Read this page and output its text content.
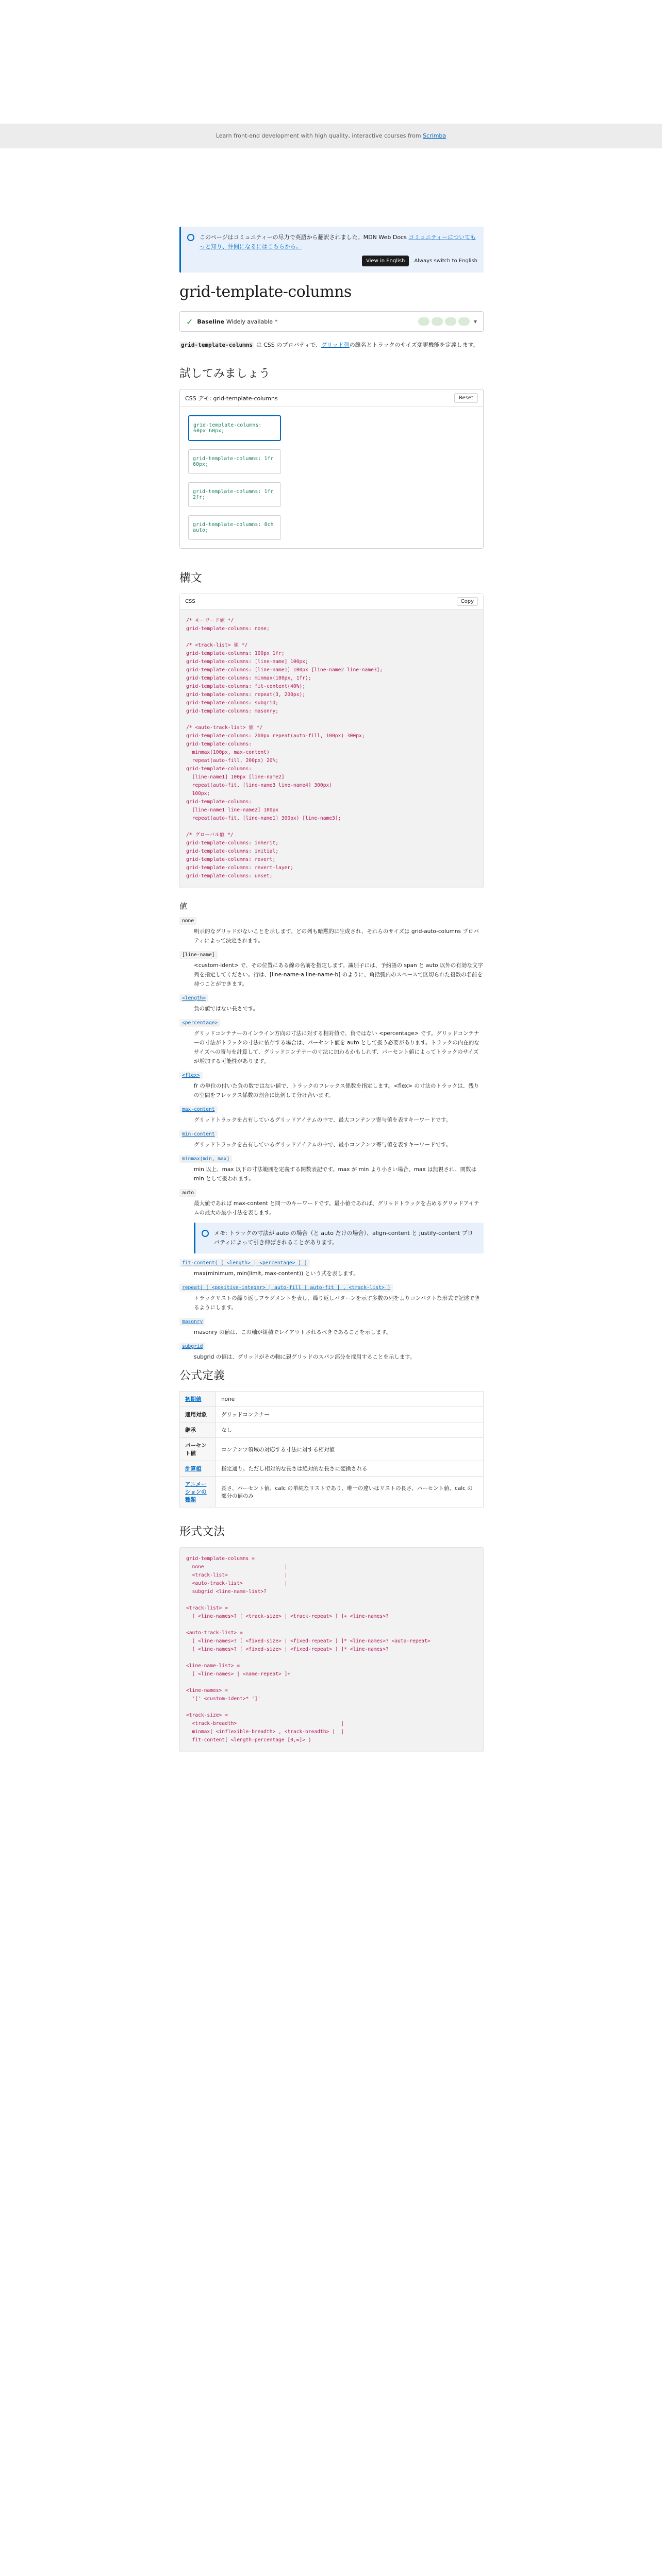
Learn front-end development with high quality, interactive courses from Scrimba

このページはコミュニティーの尽力で英語から翻訳されました。MDN Web Docs コミュニティーについてもっと知り、仲間になるにはこちらから。

View in English	Always switch to English
grid-template-columns
✓ Baseline Widely available *	▼

grid-template-columns は CSS のプロパティで、グリッド列の線名とトラックのサイズ変更機能を定義します。

試してみましょう
CSS デモ: grid-template-columns	Reset
grid-template-columns: 60px 60px;
grid-template-columns: 1fr 60px;
grid-template-columns: 1fr 2fr;
grid-template-columns: 8ch auto;
構文
CSS	Copy
/* キーワード値 */
grid-template-columns: none;

/* <track-list> 値 */
grid-template-columns: 100px 1fr;
grid-template-columns: [line-name] 100px;
grid-template-columns: [line-name1] 100px [line-name2 line-name3];
grid-template-columns: minmax(100px, 1fr);
grid-template-columns: fit-content(40%);
grid-template-columns: repeat(3, 200px);
grid-template-columns: subgrid;
grid-template-columns: masonry;

/* <auto-track-list> 値 */
grid-template-columns: 200px repeat(auto-fill, 100px) 300px;
grid-template-columns:
minmax(100px, max-content)
repeat(auto-fill, 200px) 20%;
grid-template-columns:
[line-name1] 100px [line-name2]
repeat(auto-fit, [line-name3 line-name4] 300px)
100px;
grid-template-columns:
[line-name1 line-name2] 100px
repeat(auto-fit, [line-name1] 300px) [line-name3];

/* グローバル値 */
grid-template-columns: inherit;
grid-template-columns: initial;
grid-template-columns: revert;
grid-template-columns: revert-layer;
grid-template-columns: unset;
値
none
明示的なグリッドがないことを示します。どの列も暗黙的に生成され、それらのサイズは grid-auto-columns プロパティによって決定されます。
[line-name]
<custom-ident> で、その位置にある線の名前を指定します。識別子には、予約語の span と auto 以外の有効な文字列を指定してください。行は、[line-name-a line-name-b] のように、角括弧内のスペースで区切られた複数の名前を持つことができます。
<length>
負の値ではない長さです。
<percentage>
グリッドコンテナーのインライン方向の寸法に対する相対値で、負ではない <percentage> です。グリッドコンテナーの寸法がトラックの寸法に依存する場合は、パーセント値を auto として扱う必要があります。トラックの内在的なサイズへの寄与を計算して、グリッドコンテナーの寸法に加わるかもしれず、パーセント値によってトラックのサイズが増加する可能性があります。
<flex>
fr の単位の付いた負の数ではない値で、トラックのフレックス係数を指定します。<flex> の寸法のトラックは、残りの空間をフレックス係数の割合に比例して分け合います。
max-content
グリッドトラックを占有しているグリッドアイテムの中で、最大コンテンツ寄与値を表すキーワードです。
min-content
グリッドトラックを占有しているグリッドアイテムの中で、最小コンテンツ寄与値を表すキーワードです。
minmax(min, max)
min 以上、max 以下の寸法範囲を定義する関数表記です。max が min より小さい場合、max は無視され、関数は min として扱われます。
auto
最大値であれば max-content と同一のキーワードです。最小値であれば、グリッドトラックを占めるグリッドアイテムの最大の最小寸法を表します。

メモ: トラックの寸法が auto の場合（と auto だけの場合）、align-content と justify-content プロパティによって引き伸ばされることがあります。

fit-content( [ <length> | <percentage> ] )
max(minimum, min(limit, max-content)) という式を表します。
repeat( [ <positive-integer> | auto-fill | auto-fit ] , <track-list> )
トラックリストの繰り返しフラグメントを表し、繰り返しパターンを示す多数の列をよりコンパクトな形式で記述できるようにします。
masonry
masonry の値は、この軸が組積でレイアウトされるべきであることを示します。
subgrid
subgrid の値は、グリッドがその軸に親グリッドのスパン部分を採用することを示します。
公式定義
初期値	none
適用対象	グリッドコンテナー
継承	なし
パーセント値	コンテンツ領域の対応する寸法に対する相対値
計算値	指定通り。ただし相対的な長さは絶対的な長さに変換される
アニメーションの種類	長さ、パーセント値、calc の単純なリストであり、唯一の違いはリストの長さ、パーセント値、calc の部分の値のみ
形式文法
grid-template-columns =
none                           |
<track-list>                   |
<auto-track-list>              |
subgrid <line-name-list>?

<track-list> =
[ <line-names>? [ <track-size> | <track-repeat> ] ]+ <line-names>?

<auto-track-list> =
[ <line-names>? [ <fixed-size> | <fixed-repeat> ] ]* <line-names>? <auto-repeat>
[ <line-names>? [ <fixed-size> | <fixed-repeat> ] ]* <line-names>?

<line-name-list> =
[ <line-names> | <name-repeat> ]+

<line-names> =
'[' <custom-ident>* ']'

<track-size> =
<track-breadth>                                   |
minmax( <inflexible-breadth> , <track-breadth> )  |
fit-content( <length-percentage [0,∞]> )
